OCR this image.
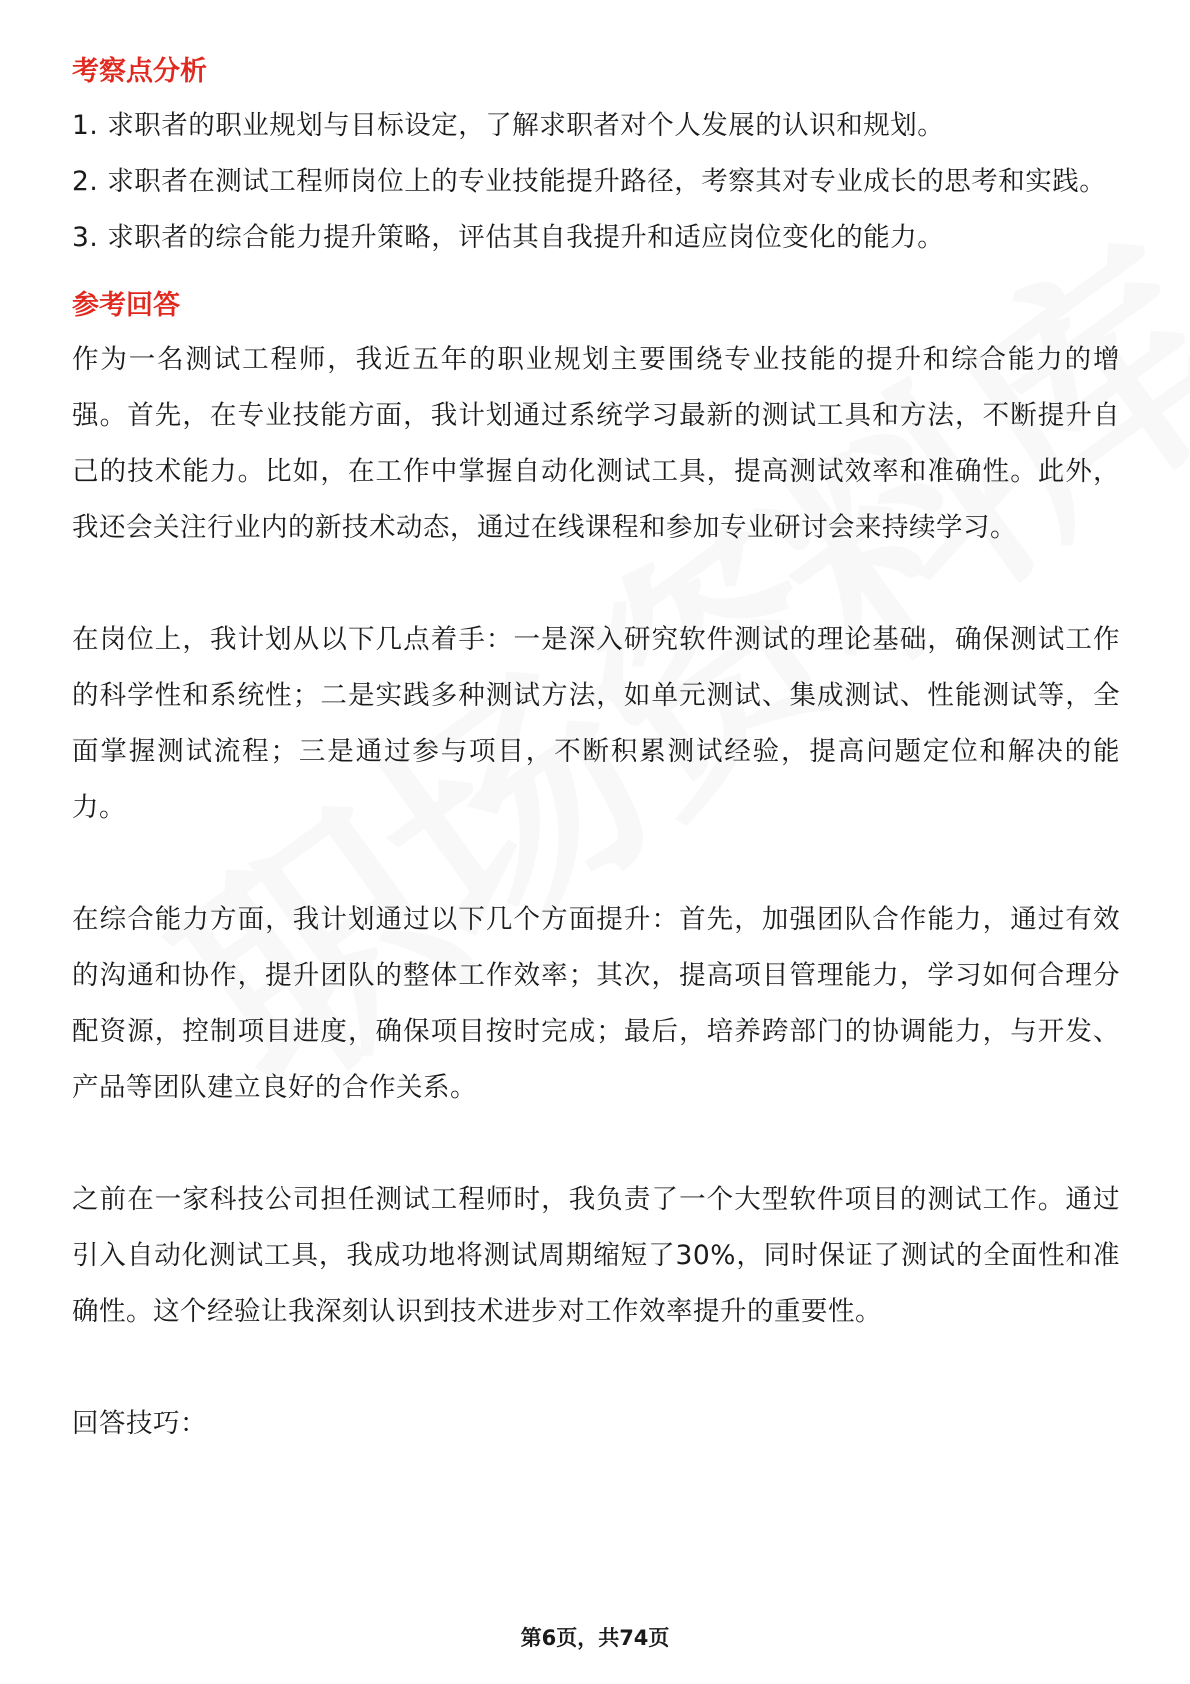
考察点分析

1. 求职者的职业规划与目标设定，了解求职者对个人发展的认识和规划。

2. 求职者在测试工程师岗位上的专业技能提升路径，考察其对专业成长的思考和实践。

3. 求职者的综合能力提升策略，评估其自我提升和适应岗位变化的能力。

参考回答

作为一名测试工程师，我近五年的职业规划主要围绕专业技能的提升和综合能力的增强。首先，在专业技能方面，我计划通过系统学习最新的测试工具和方法，不断提升自己的技术能力。比如，在工作中掌握自动化测试工具，提高测试效率和准确性。此外，我还会关注行业内的新技术动态，通过在线课程和参加专业研讨会来持续学习。

在岗位上，我计划从以下几点着手：一是深入研究软件测试的理论基础，确保测试工作的科学性和系统性；二是实践多种测试方法，如单元测试、集成测试、性能测试等，全面掌握测试流程；三是通过参与项目，不断积累测试经验，提高问题定位和解决的能力。

在综合能力方面，我计划通过以下几个方面提升：首先，加强团队合作能力，通过有效的沟通和协作，提升团队的整体工作效率；其次，提高项目管理能力，学习如何合理分配资源，控制项目进度，确保项目按时完成；最后，培养跨部门的协调能力，与开发、产品等团队建立良好的合作关系。

之前在一家科技公司担任测试工程师时，我负责了一个大型软件项目的测试工作。通过引入自动化测试工具，我成功地将测试周期缩短了30%，同时保证了测试的全面性和准确性。这个经验让我深刻认识到技术进步对工作效率提升的重要性。

回答技巧：

第6页，共74页
